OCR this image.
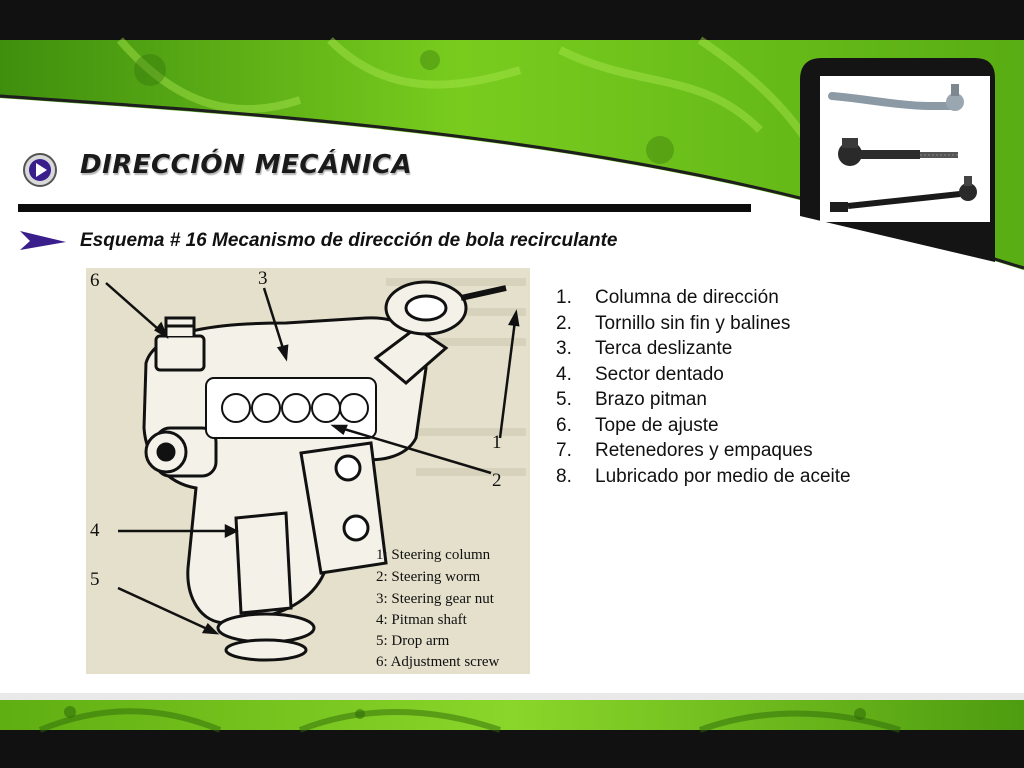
DIRECCIÓN MECÁNICA
Esquema # 16 Mecanismo de dirección de bola recirculante
6	3
1
2
4
5
1: Steering column
2: Steering worm
3: Steering gear nut
4: Pitman shaft
5: Drop arm
6: Adjustment screw
1. Columna de dirección
2. Tornillo sin fin y balines
3. Terca deslizante
4. Sector dentado
5. Brazo pitman
6. Tope de ajuste
7. Retenedores y empaques
8. Lubricado por medio de aceite
